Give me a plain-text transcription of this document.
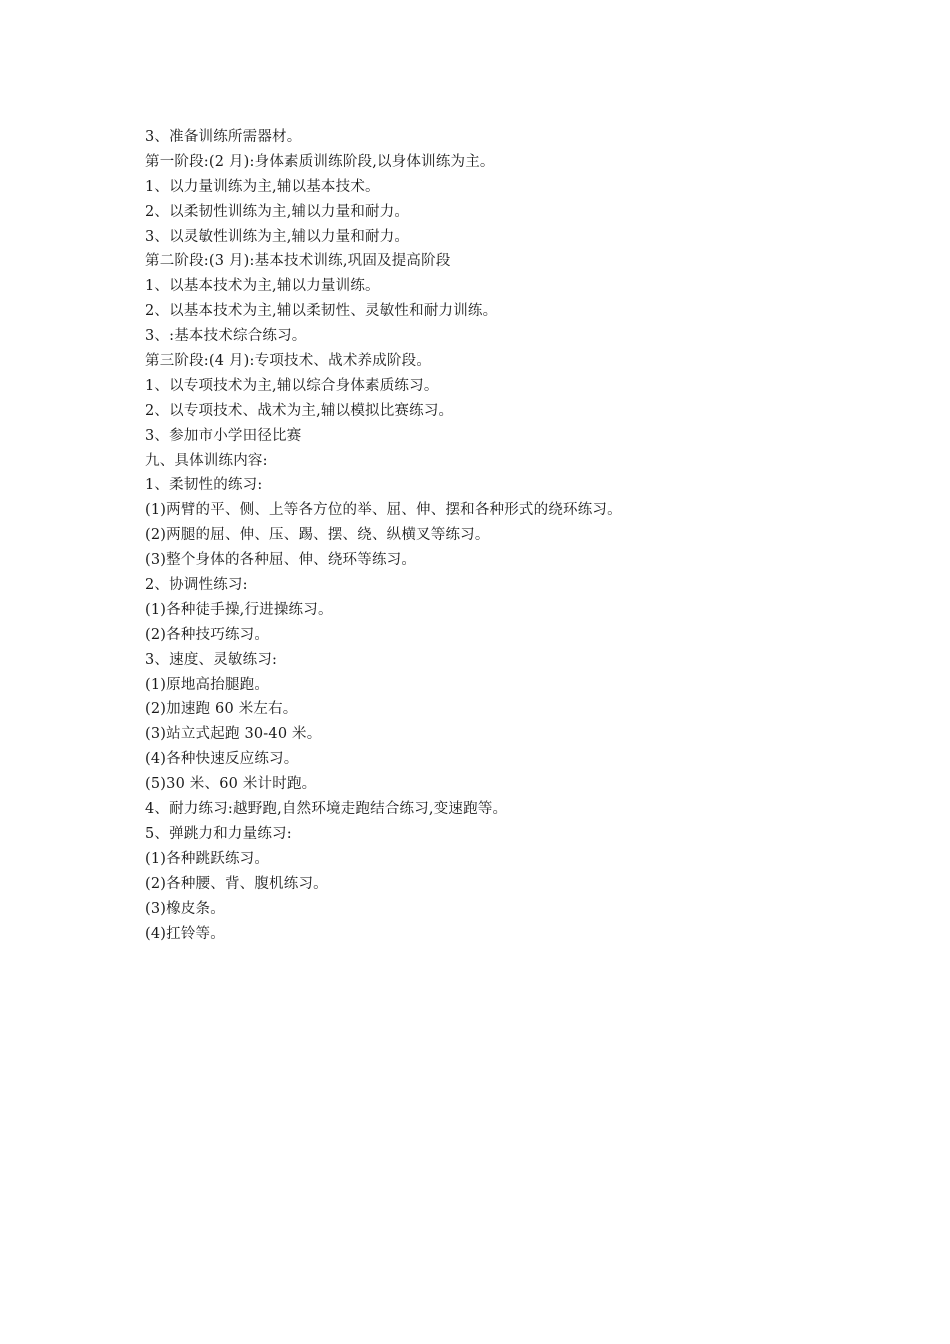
3、准备训练所需器材。
第一阶段:(2 月):身体素质训练阶段,以身体训练为主。
1、以力量训练为主,辅以基本技术。
2、以柔韧性训练为主,辅以力量和耐力。
3、以灵敏性训练为主,辅以力量和耐力。
第二阶段:(3 月):基本技术训练,巩固及提高阶段
1、以基本技术为主,辅以力量训练。
2、以基本技术为主,辅以柔韧性、灵敏性和耐力训练。
3、:基本技术综合练习。
第三阶段:(4 月):专项技术、战术养成阶段。
1、以专项技术为主,辅以综合身体素质练习。
2、以专项技术、战术为主,辅以模拟比赛练习。
3、参加市小学田径比赛
九、具体训练内容:
1、柔韧性的练习:
(1)两臂的平、侧、上等各方位的举、屈、伸、摆和各种形式的绕环练习。
(2)两腿的屈、伸、压、踢、摆、绕、纵横叉等练习。
(3)整个身体的各种屈、伸、绕环等练习。
2、协调性练习:
(1)各种徒手操,行进操练习。
(2)各种技巧练习。
3、速度、灵敏练习:
(1)原地高抬腿跑。
(2)加速跑 60 米左右。
(3)站立式起跑 30-40 米。
(4)各种快速反应练习。
(5)30 米、60 米计时跑。
4、耐力练习:越野跑,自然环境走跑结合练习,变速跑等。
5、弹跳力和力量练习:
(1)各种跳跃练习。
(2)各种腰、背、腹机练习。
(3)橡皮条。
(4)扛铃等。
